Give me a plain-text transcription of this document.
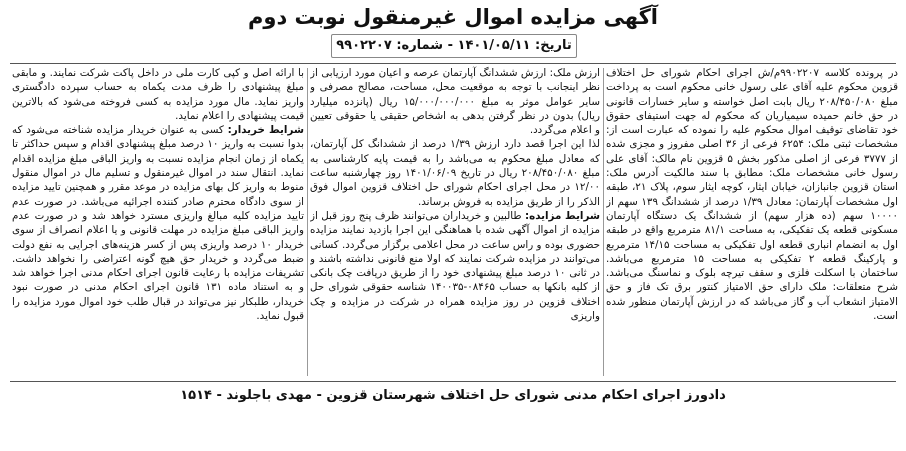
آگهی مزایده اموال غیرمنقول نوبت دوم
تاریخ: ۱۴۰۱/۰۵/۱۱ - شماره: ۹۹۰۲۲۰۷

در پرونده کلاسه ۹۹۰۲۲۰۷م/ش اجرای احکام شورای حل اختلاف قزوین محکوم علیه آقای علی رسول خانی محکوم است به پرداخت مبلغ ۲۰۸/۴۵۰/۰۸۰ ریال بابت اصل خواسته و سایر خسارات قانونی در حق خانم حمیده سیمیاریان که محکوم له جهت استیفای حقوق خود تقاضای توقیف اموال محکوم علیه را نموده که عبارت است از: مشخصات ثبتی ملک: ۶۲۵۴ فرعی از ۳۶ اصلی مفروز و مجزی شده از ۳۷۷۷ فرعی از اصلی مذکور بخش ۵ قزوین نام مالک: آقای علی رسول خانی مشخصات ملک: مطابق با سند مالکیت آدرس ملک: استان قزوین جانبازان، خیابان ایثار، کوچه ایثار سوم، پلاک ۲۱، طبقه اول مشخصات آپارتمان: معادل ۱/۳۹ درصد از ششدانگ ۱۳۹ سهم از ۱۰۰۰۰ سهم (ده هزار سهم) از ششدانگ یک دستگاه آپارتمان مسکونی قطعه یک تفکیکی، به مساحت ۸۱/۱ مترمربع واقع در طبقه اول به انضمام انباری قطعه اول تفکیکی به مساحت ۱۴/۱۵ مترمربع و پارکینگ قطعه ۲ تفکیکی به مساحت ۱۵ مترمربع می‌باشد. ساختمان با اسکلت فلزی و سقف تیرچه بلوک و نماسنگ می‌باشد. شرح متعلقات: ملک دارای حق الامتیاز کنتور برق تک فاز و حق الامتیاز انشعاب آب و گاز می‌باشد که در ارزش آپارتمان منظور شده است.

ارزش ملک: ارزش ششدانگ آپارتمان عرصه و اعیان مورد ارزیابی از نظر اینجانب با توجه به موقعیت محل، مساحت، مصالح مصرفی و سایر عوامل موثر به مبلغ ۱۵/۰۰۰/۰۰۰/۰۰۰ ریال (پانزده میلیارد ریال) بدون در نظر گرفتن بدهی به اشخاص حقیقی یا حقوقی تعیین و اعلام می‌گردد.

لذا این اجرا قصد دارد ارزش ۱/۳۹ درصد از ششدانگ کل آپارتمان، که معادل مبلغ محکوم به می‌باشد را به قیمت پایه کارشناسی به مبلغ ۲۰۸/۴۵۰/۰۸۰ ریال در تاریخ ۱۴۰۱/۰۶/۰۹ روز چهارشنبه ساعت ۱۲/۰۰ در محل اجرای احکام شورای حل اختلاف قزوین اموال فوق الذکر را از طریق مزایده به فروش برساند.

شرایط مزایده: طالبین و خریداران می‌توانند ظرف پنج روز قبل از مزایده از اموال آگهی شده با هماهنگی این اجرا بازدید نمایند مزایده حضوری بوده و راس ساعت در محل اعلامی برگزار می‌گردد. کسانی می‌توانند در مزایده شرکت نمایند که اولا منع قانونی نداشته باشند و در ثانی ۱۰ درصد مبلغ پیشنهادی خود را از طریق دریافت چک بانکی از کلیه بانکها به حساب ۰۸۴۶۵-۱۴۰۰۳۵ شناسه حقوقی شورای حل اختلاف قزوین در روز مزایده همراه در شرکت در مزایده و چک واریزی

با ارائه اصل و کپی کارت ملی در داخل پاکت شرکت نمایند. و مابقی مبلغ پیشنهادی را ظرف مدت یکماه به حساب سپرده دادگستری واریز نماید. مال مورد مزایده به کسی فروخته می‌شود که بالاترین قیمت پیشنهادی را اعلام نماید.

شرایط خریدار: کسی به عنوان خریدار مزایده شناخته می‌شود که بدوا نسبت به واریز ۱۰ درصد مبلغ پیشنهادی اقدام و سپس حداکثر تا یکماه از زمان انجام مزایده نسبت به واریز الباقی مبلغ مزایده اقدام نماید. انتقال سند در اموال غیرمنقول و تسلیم مال در اموال منقول منوط به واریز کل بهای مزایده در موعد مقرر و همچنین تایید مزایده از سوی دادگاه محترم صادر کننده اجرائیه می‌باشد. در صورت عدم تایید مزایده کلیه مبالغ واریزی مسترد خواهد شد و در صورت عدم واریز الباقی مبلغ مزایده در مهلت قانونی و یا اعلام انصراف از سوی خریدار ۱۰ درصد واریزی پس از کسر هزینه‌های اجرایی به نفع دولت ضبط می‌گردد و خریدار حق هیچ گونه اعتراضی را نخواهد داشت. تشریفات مزایده با رعایت قانون اجرای احکام مدنی اجرا خواهد شد و به استناد ماده ۱۳۱ قانون اجرای احکام مدنی در صورت نبود خریدار، طلبکار نیز می‌تواند در قبال طلب خود اموال مورد مزایده را قبول نماید.

دادورز اجرای احکام مدنی شورای حل اختلاف شهرستان قزوین - مهدی باجلوند - ۱۵۱۴
